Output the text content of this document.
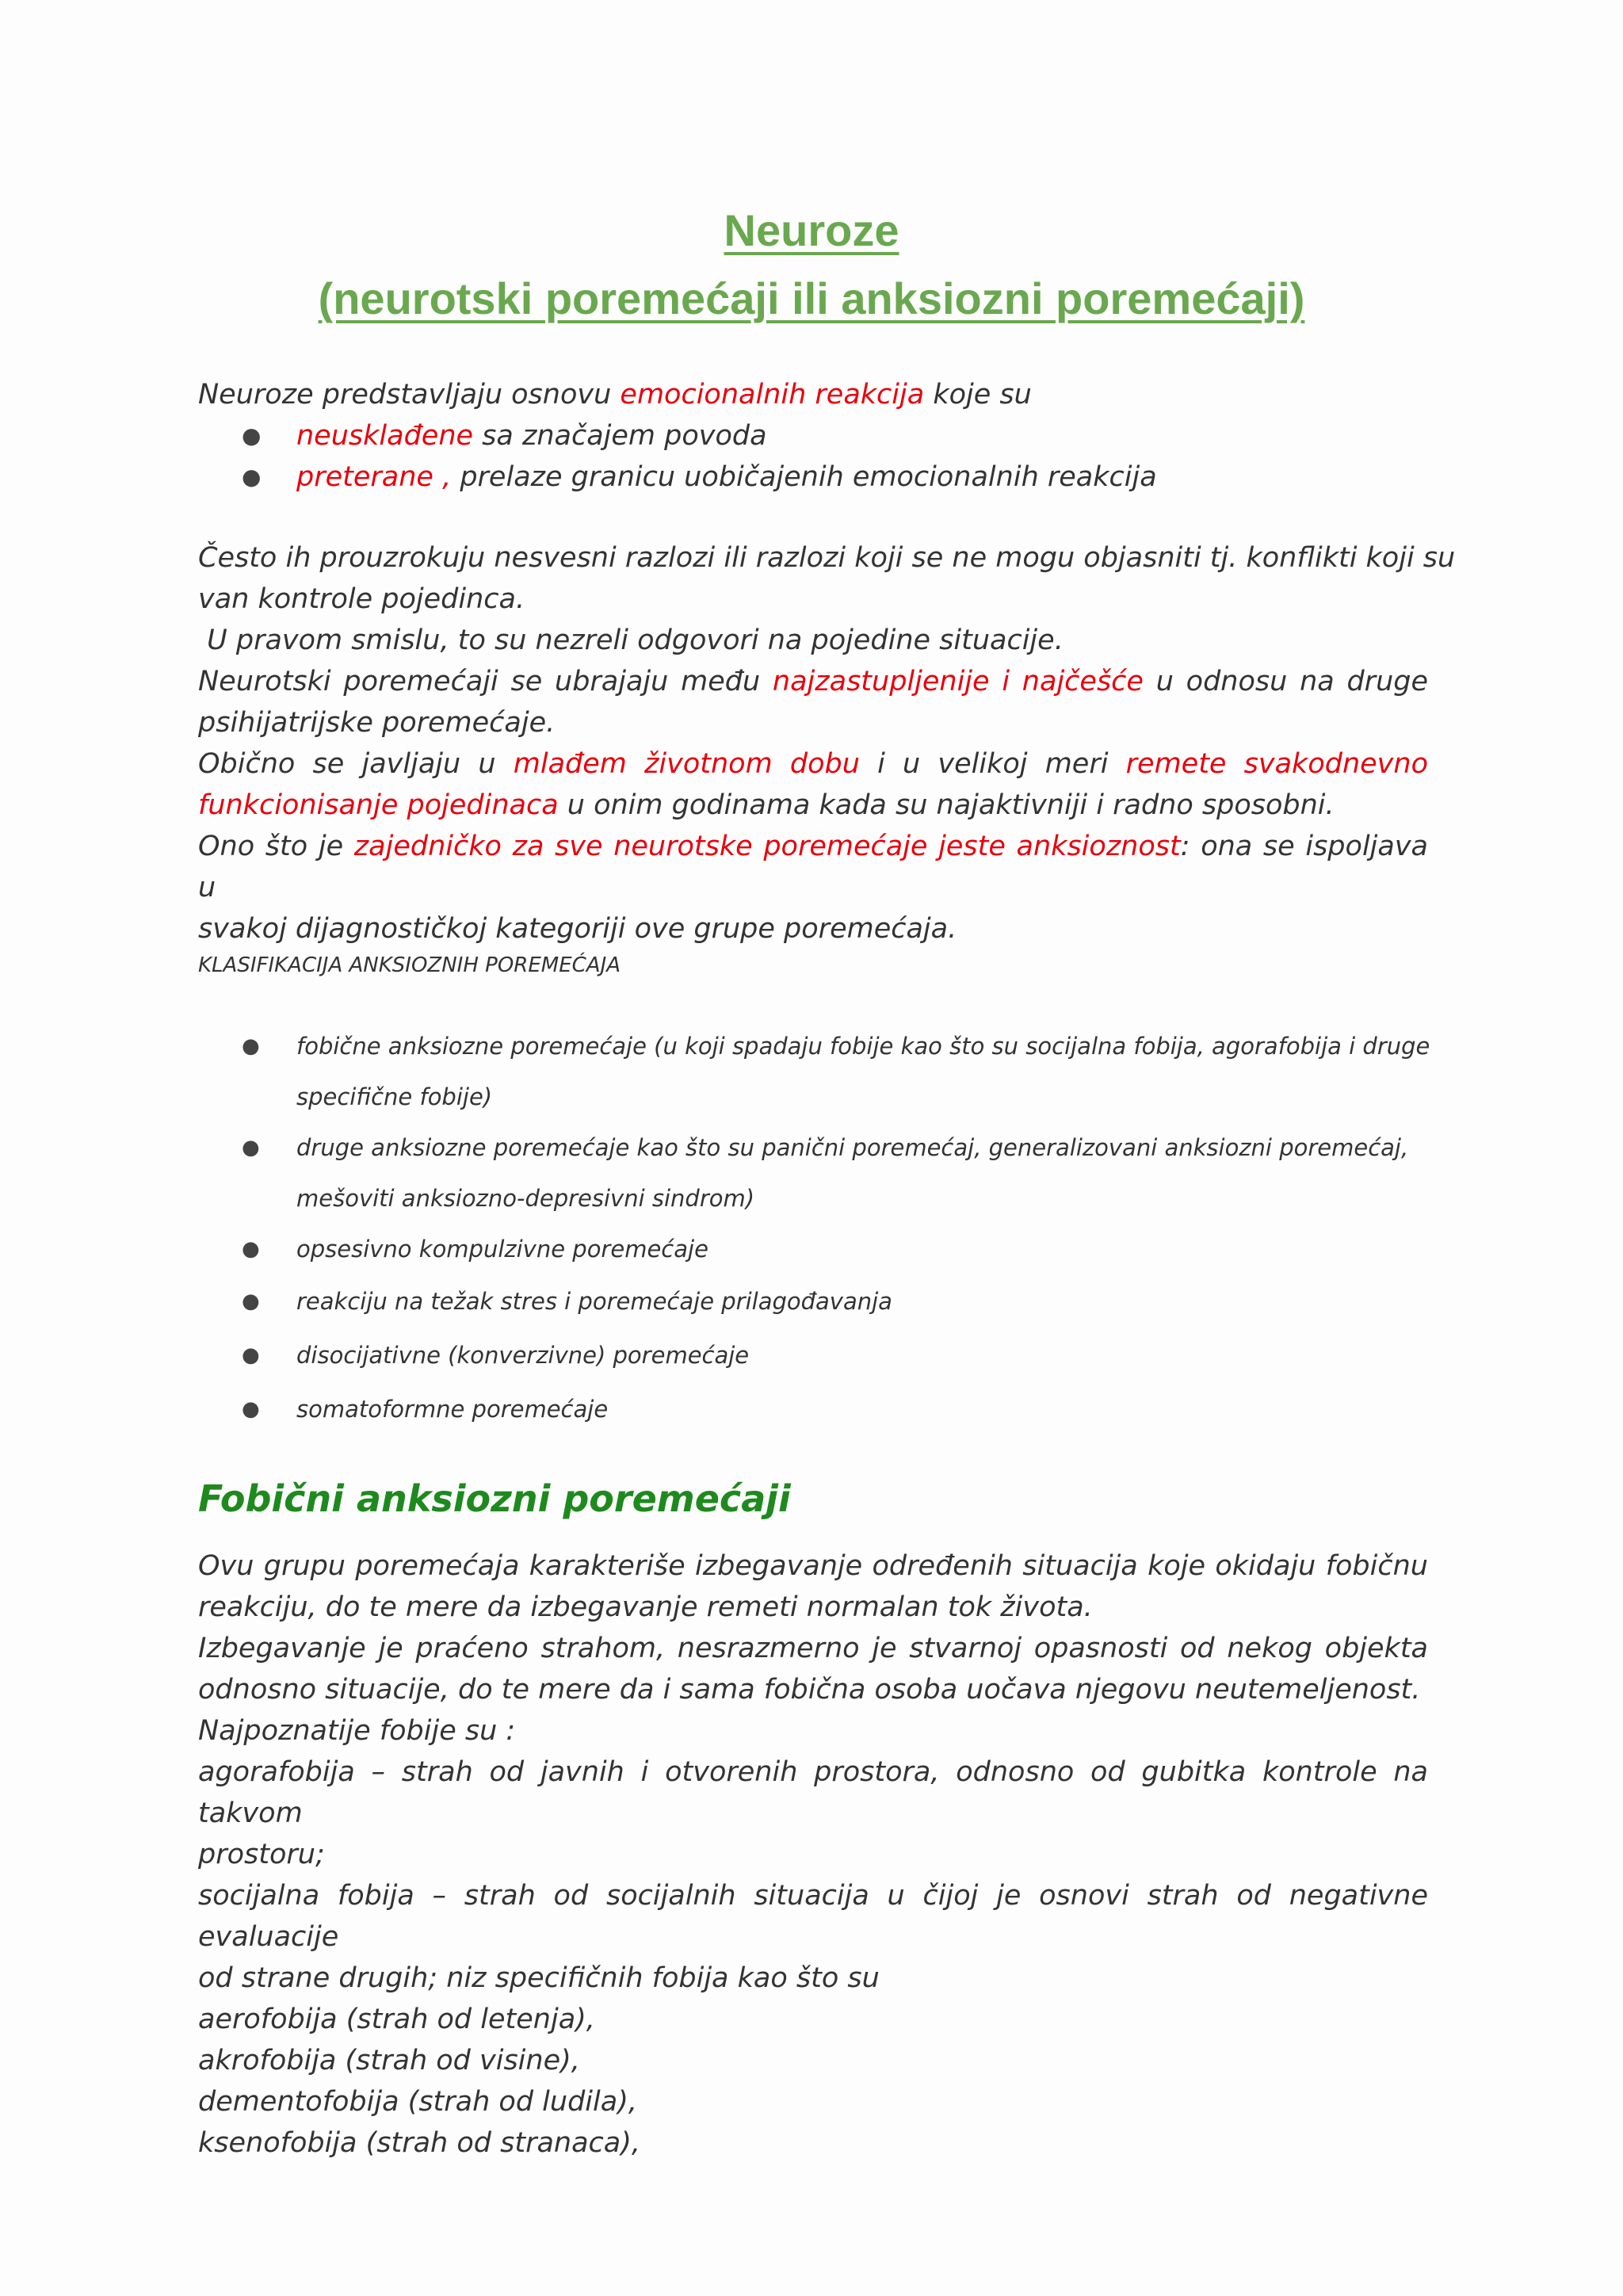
Neuroze
(neurotski poremećaji ili anksiozni poremećaji)
Neuroze predstavljaju osnovu emocionalnih reakcija koje su
● neusklađene sa značajem povoda
● preterane , prelaze granicu uobičajenih emocionalnih reakcija
Često ih prouzrokuju nesvesni razlozi ili razlozi koji se ne mogu objasniti tj. konflikti koji su
van kontrole pojedinca.
U pravom smislu, to su nezreli odgovori na pojedine situacije.
Neurotski poremećaji se ubrajaju među najzastupljenije i najčešće u odnosu na druge
psihijatrijske poremećaje.
Obično se javljaju u mlađem životnom dobu i u velikoj meri remete svakodnevno
funkcionisanje pojedinaca u onim godinama kada su najaktivniji i radno sposobni.
Ono što je zajedničko za sve neurotske poremećaje jeste anksioznost: ona se ispoljava u
svakoj dijagnostičkoj kategoriji ove grupe poremećaja.
KLASIFIKACIJA ANKSIOZNIH POREMEĆAJA
● fobične anksiozne poremećaje (u koji spadaju fobije kao što su socijalna fobija, agorafobija i druge
specifične fobije)
● druge anksiozne poremećaje kao što su panični poremećaj, generalizovani anksiozni poremećaj,
mešoviti anksiozno-depresivni sindrom)
● opsesivno kompulzivne poremećaje
● reakciju na težak stres i poremećaje prilagođavanja
● disocijativne (konverzivne) poremećaje
● somatoformne poremećaje
Fobični anksiozni poremećaji
Ovu grupu poremećaja karakteriše izbegavanje određenih situacija koje okidaju fobičnu
reakciju, do te mere da izbegavanje remeti normalan tok života.
Izbegavanje je praćeno strahom, nesrazmerno je stvarnoj opasnosti od nekog objekta
odnosno situacije, do te mere da i sama fobična osoba uočava njegovu neutemeljenost.
Najpoznatije fobije su :
agorafobija – strah od javnih i otvorenih prostora, odnosno od gubitka kontrole na takvom
prostoru;
socijalna fobija – strah od socijalnih situacija u čijoj je osnovi strah od negativne evaluacije
od strane drugih; niz specifičnih fobija kao što su
aerofobija (strah od letenja),
akrofobija (strah od visine),
dementofobija (strah od ludila),
ksenofobija (strah od stranaca),
